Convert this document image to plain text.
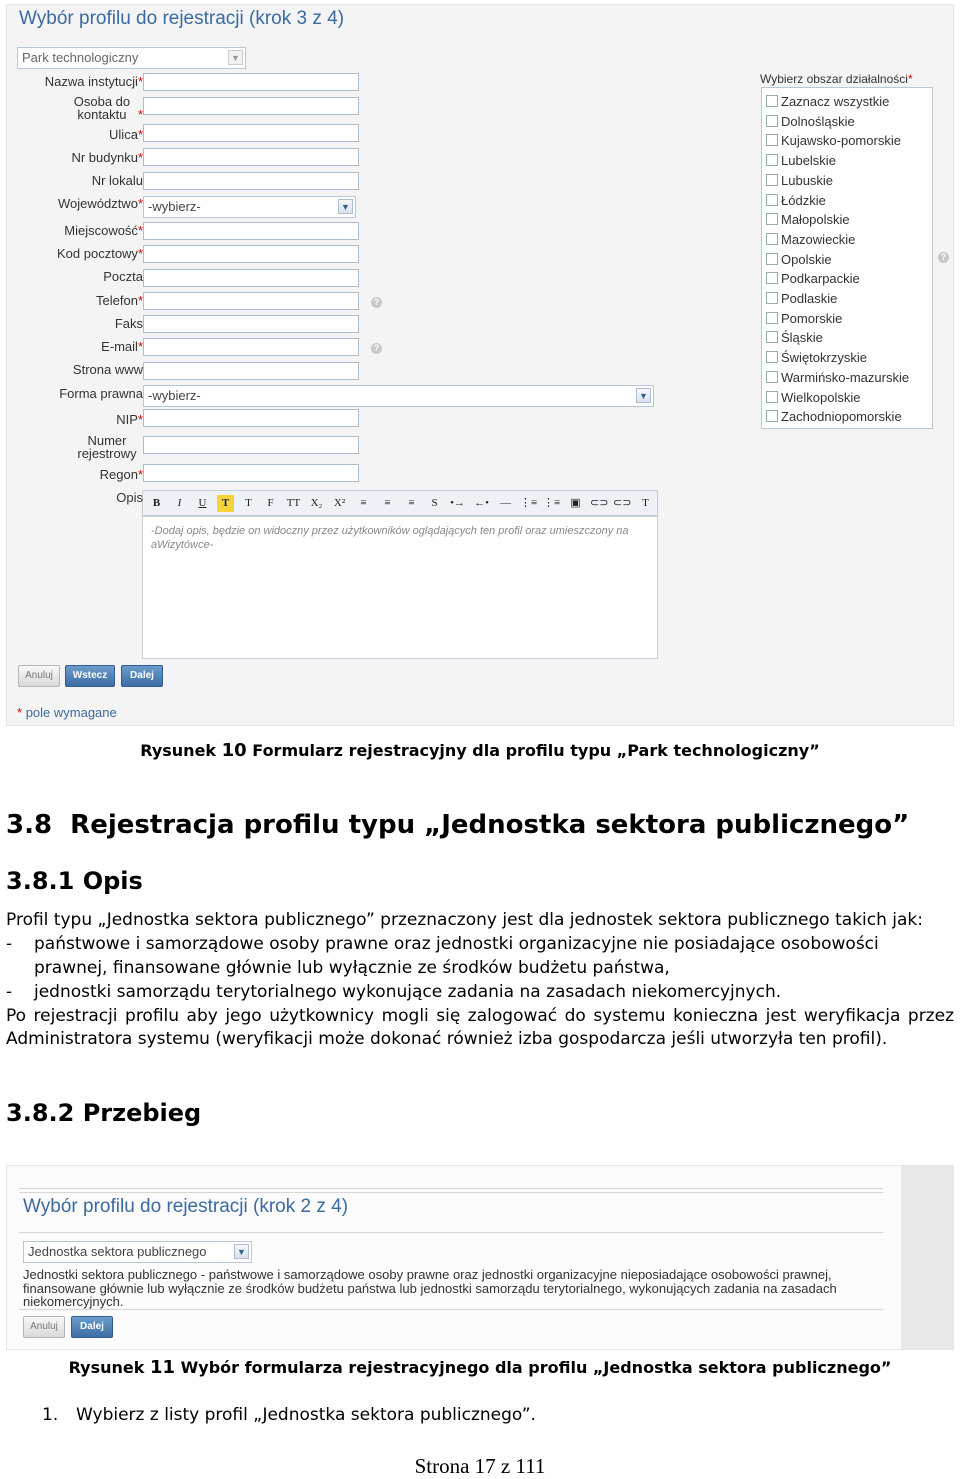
Wybór profilu do rejestracji (krok 3 z 4)
Park technologiczny	▼
Wybierz obszar działalności*
Zaznacz wszystkie
Dolnośląskie
Kujawsko-pomorskie
Lubelskie
Lubuskie
Łódzkie
Małopolskie
Mazowieckie
Opolskie
Podkarpackie
Podlaskie
Pomorskie
Śląskie
Świętokrzyskie
Warmińsko-mazurskie
Wielkopolskie
Zachodniopomorskie
?
B	I	U	T	T	F	TT X₂ X²	≡	≡	≡	S	•→ ←• — ⋮≡ ⋮≡ ▣ ⊂⊃ ⊂⊃ T
-Dodaj opis, będzie on widoczny przez użytkowników oglądających ten profil oraz umieszczony na aWizytówce-
Anuluj	Wstecz	Dalej
* pole wymagane
Nazwa instytucji*
Osoba do kontaktu *
Ulica*
Nr budynku*
Nr lokalu
Województwo* -wybierz-	▼
Miejscowość*
Kod pocztowy*
Poczta
Telefon*	?
Faks
E-mail*	?
Strona www
Forma prawna -wybierz-	▼
NIP*
Numer rejestrowy
Regon*
Opis
Rysunek 10 Formularz rejestracyjny dla profilu typu „Park technologiczny”
3.8 Rejestracja profilu typu „Jednostka sektora publicznego”
3.8.1 Opis
Profil typu „Jednostka sektora publicznego” przeznaczony jest dla jednostek sektora publicznego takich jak:
- państwowe i samorządowe osoby prawne oraz jednostki organizacyjne nie posiadające osobowości prawnej, finansowane głównie lub wyłącznie ze środków budżetu państwa,
- jednostki samorządu terytorialnego wykonujące zadania na zasadach niekomercyjnych.
Po rejestracji profilu aby jego użytkownicy mogli się zalogować do systemu konieczna jest weryfikacja przez
Administratora systemu (weryfikacji może dokonać również izba gospodarcza jeśli utworzyła ten profil).
3.8.2 Przebieg
Wybór profilu do rejestracji (krok 2 z 4)
Jednostka sektora publicznego	▼
Jednostki sektora publicznego - państwowe i samorządowe osoby prawne oraz jednostki organizacyjne nieposiadające osobowości prawnej, finansowane głównie lub wyłącznie ze środków budżetu państwa lub jednostki samorządu terytorialnego, wykonujących zadania na zasadach niekomercyjnych.
Anuluj	Dalej
Rysunek 11 Wybór formularza rejestracyjnego dla profilu „Jednostka sektora publicznego”
1. Wybierz z listy profil „Jednostka sektora publicznego”.
Strona 17 z 111
